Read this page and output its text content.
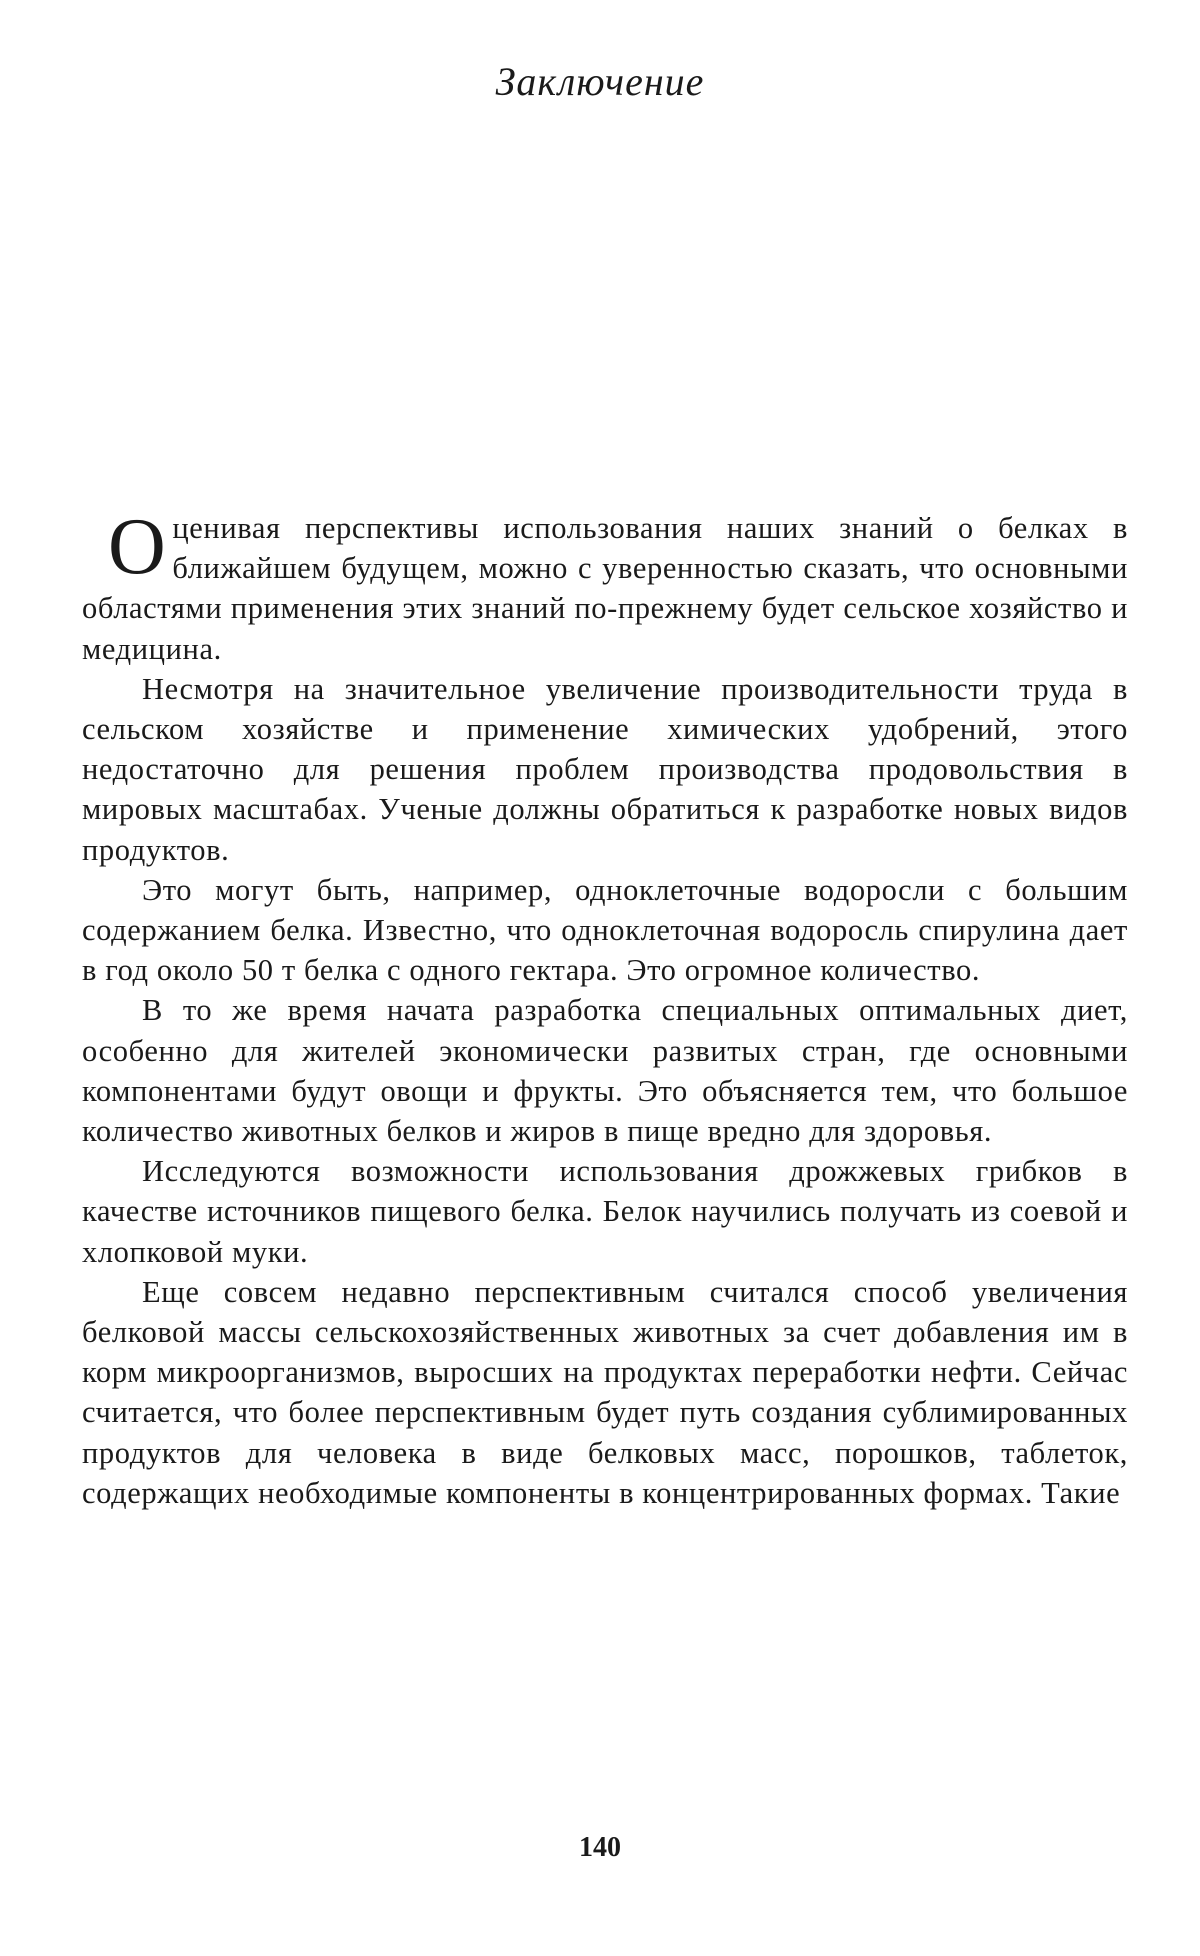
Заключение

Оценивая перспективы использования наших знаний о белках в ближайшем будущем, можно с уверенностью сказать, что основными областями применения этих знаний по-прежнему будет сельское хозяйство и медицина.

Несмотря на значительное увеличение производительности труда в сельском хозяйстве и применение химических удобрений, этого недостаточно для решения проблем производства продовольствия в мировых масштабах. Ученые должны обратиться к разработке новых видов продуктов.

Это могут быть, например, одноклеточные водоросли с большим содержанием белка. Известно, что одноклеточная водоросль спирулина дает в год около 50 т белка с одного гектара. Это огромное количество.

В то же время начата разработка специальных оптимальных диет, особенно для жителей экономически развитых стран, где основными компонентами будут овощи и фрукты. Это объясняется тем, что большое количество животных белков и жиров в пище вредно для здоровья.

Исследуются возможности использования дрожжевых грибков в качестве источников пищевого белка. Белок научились получать из соевой и хлопковой муки.

Еще совсем недавно перспективным считался способ увеличения белковой массы сельскохозяйственных животных за счет добавления им в корм микроорганизмов, выросших на продуктах переработки нефти. Сейчас считается, что более перспективным будет путь создания сублимированных продуктов для человека в виде белковых масс, порошков, таблеток, содержащих необходимые компоненты в концентрированных формах. Такие

140
